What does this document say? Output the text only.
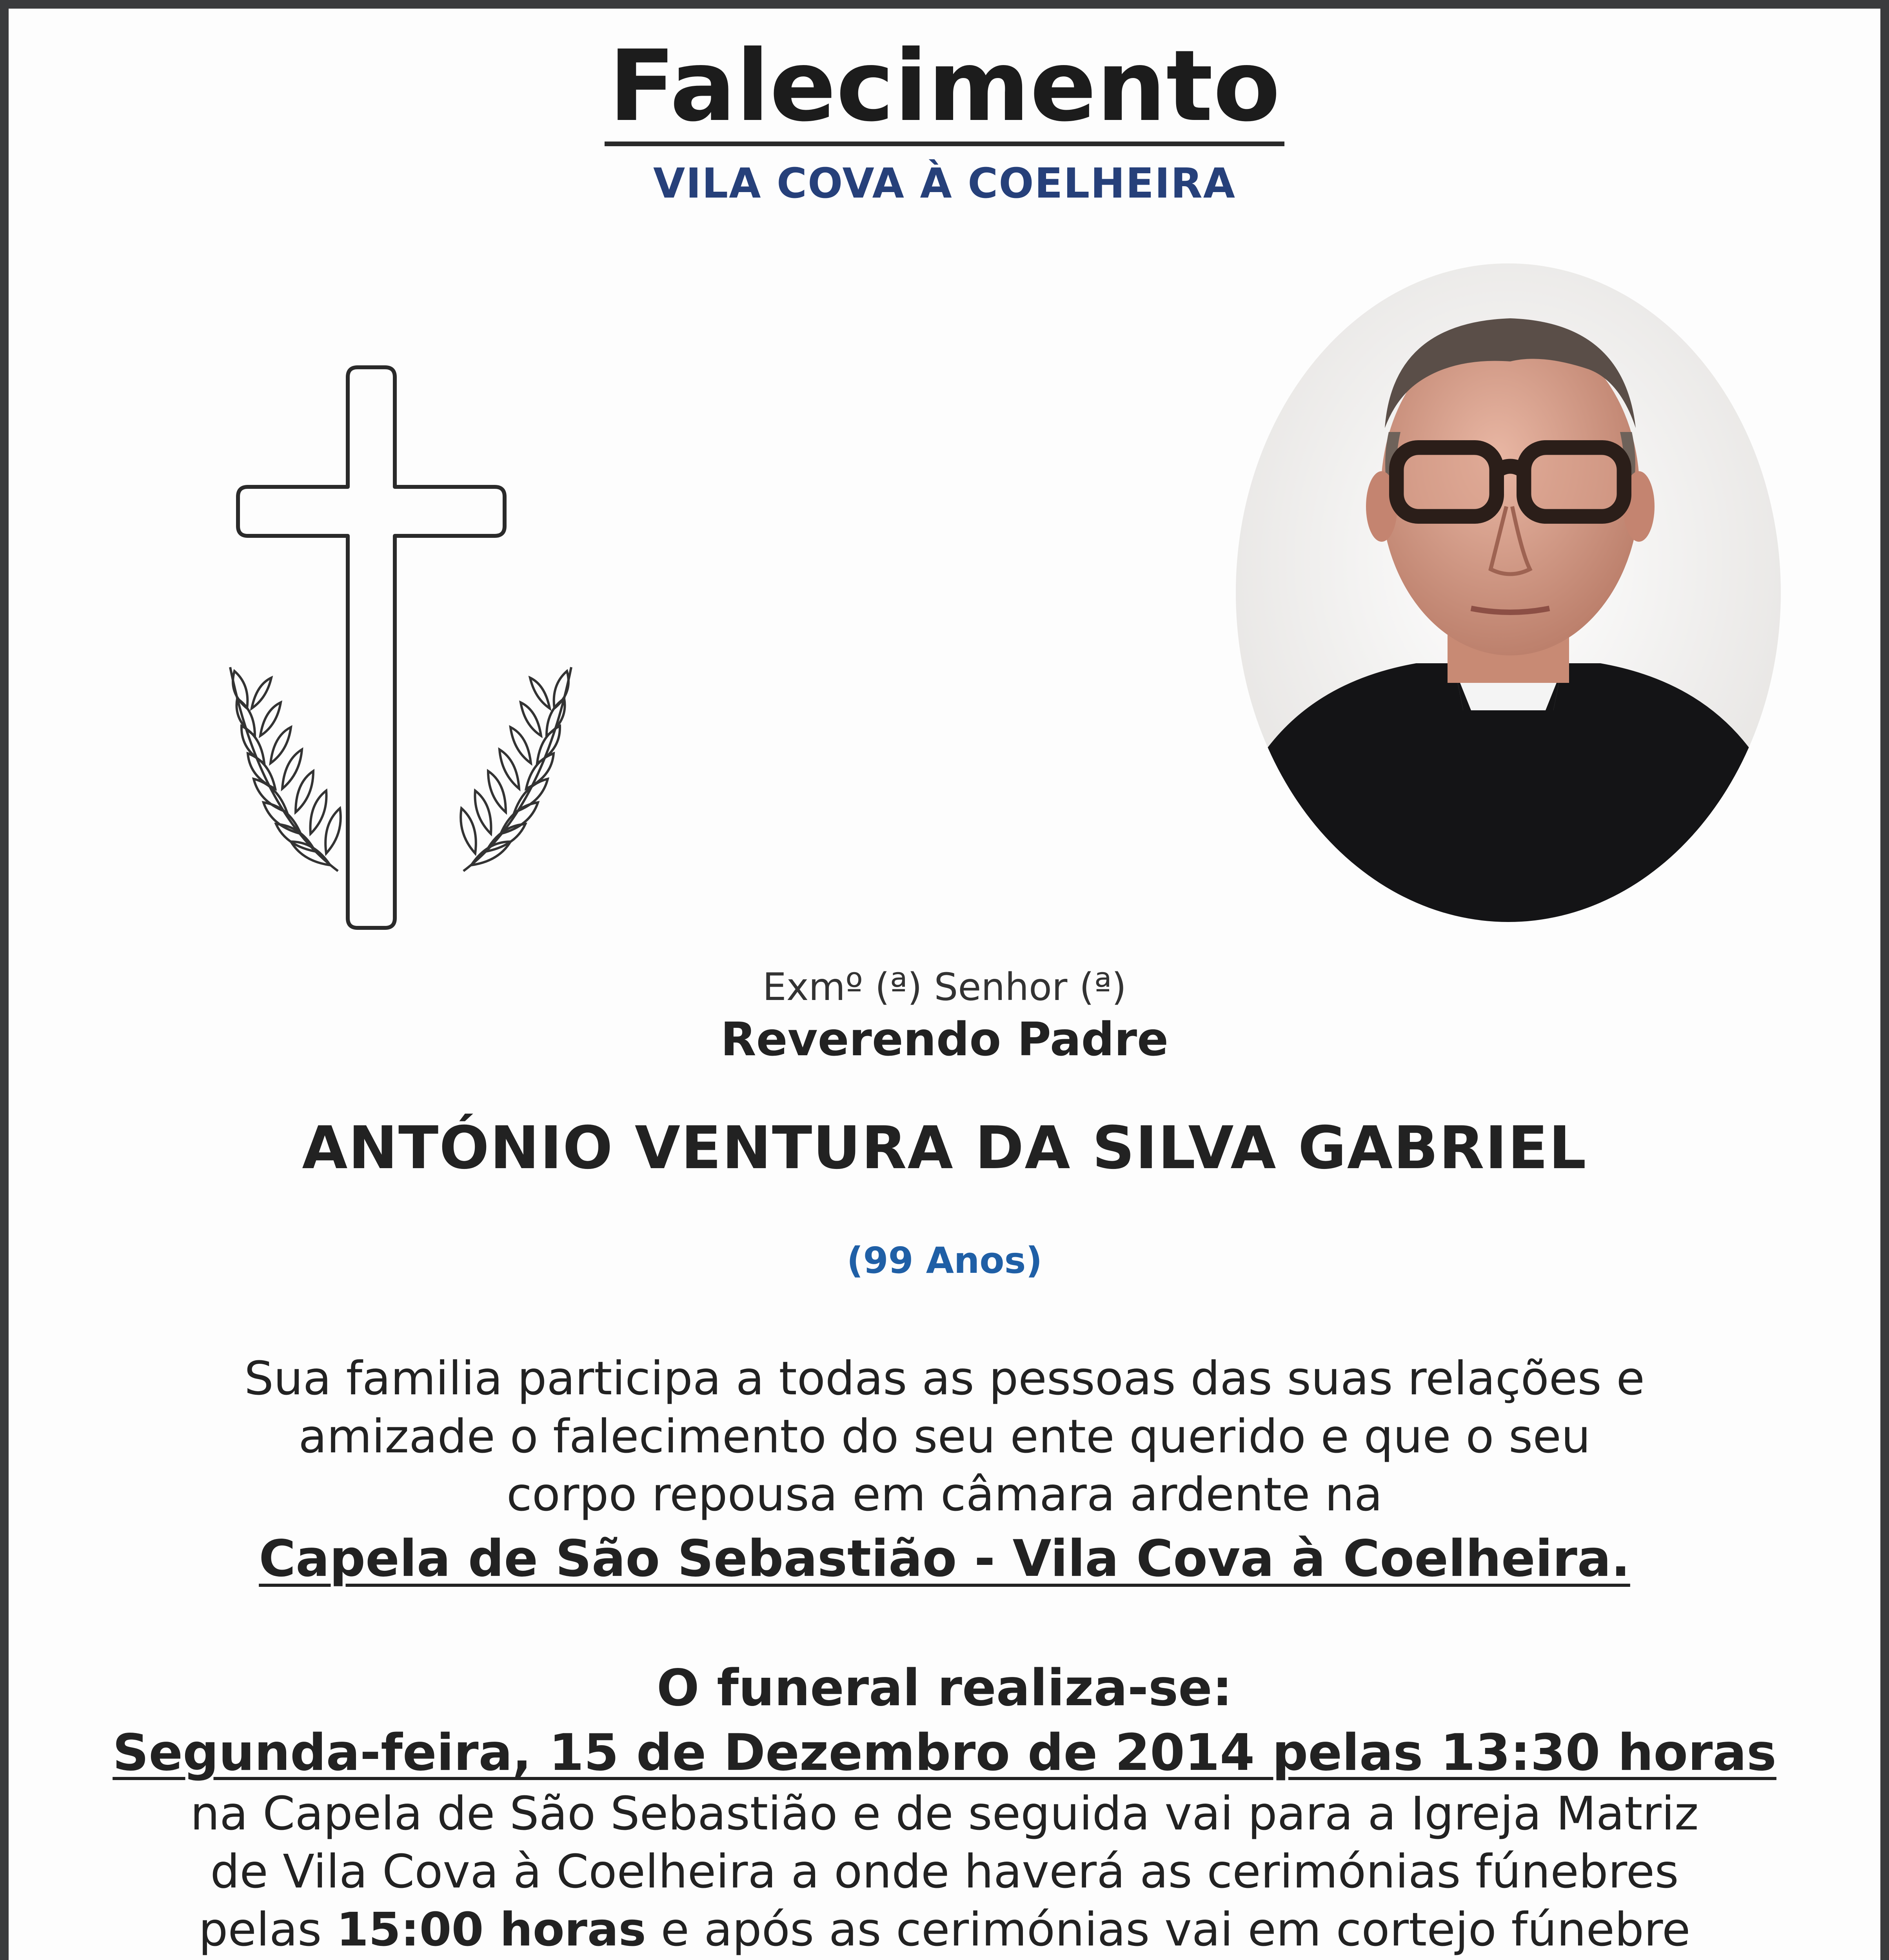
Falecimento
VILA COVA À COELHEIRA
Exmº (ª) Senhor (ª)
Reverendo Padre
ANTÓNIO VENTURA DA SILVA GABRIEL
(99 Anos)
Sua familia participa a todas as pessoas das suas relações e
amizade o falecimento do seu ente querido e que o seu
corpo repousa em câmara ardente na
Capela de São Sebastião - Vila Cova à Coelheira.
O funeral realiza-se:
Segunda-feira, 15 de Dezembro de 2014 pelas 13:30 horas
na Capela de São Sebastião e de seguida vai para a Igreja Matriz
de Vila Cova à Coelheira a onde haverá as cerimónias fúnebres
pelas 15:00 horas e após as cerimónias vai em cortejo fúnebre
